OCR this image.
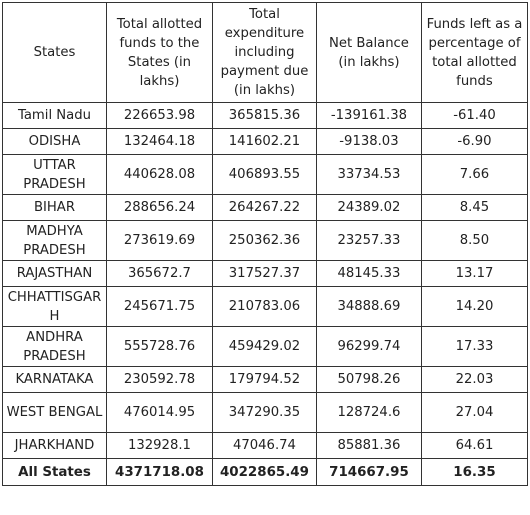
States	Total allotted funds to the States (in lakhs)	Total expenditure including payment due (in lakhs)	Net Balance (in lakhs)	Funds left as a percentage of total allotted funds
Tamil Nadu	226653.98	365815.36	-139161.38	-61.40
ODISHA	132464.18	141602.21	-9138.03	-6.90
UTTAR PRADESH	440628.08	406893.55	33734.53	7.66
BIHAR	288656.24	264267.22	24389.02	8.45
MADHYA PRADESH	273619.69	250362.36	23257.33	8.50
RAJASTHAN	365672.7	317527.37	48145.33	13.17
CHHATTISGARH	245671.75	210783.06	34888.69	14.20
ANDHRA PRADESH	555728.76	459429.02	96299.74	17.33
KARNATAKA	230592.78	179794.52	50798.26	22.03
WEST BENGAL	476014.95	347290.35	128724.6	27.04
JHARKHAND	132928.1	47046.74	85881.36	64.61
All States	4371718.08	4022865.49	714667.95	16.35
